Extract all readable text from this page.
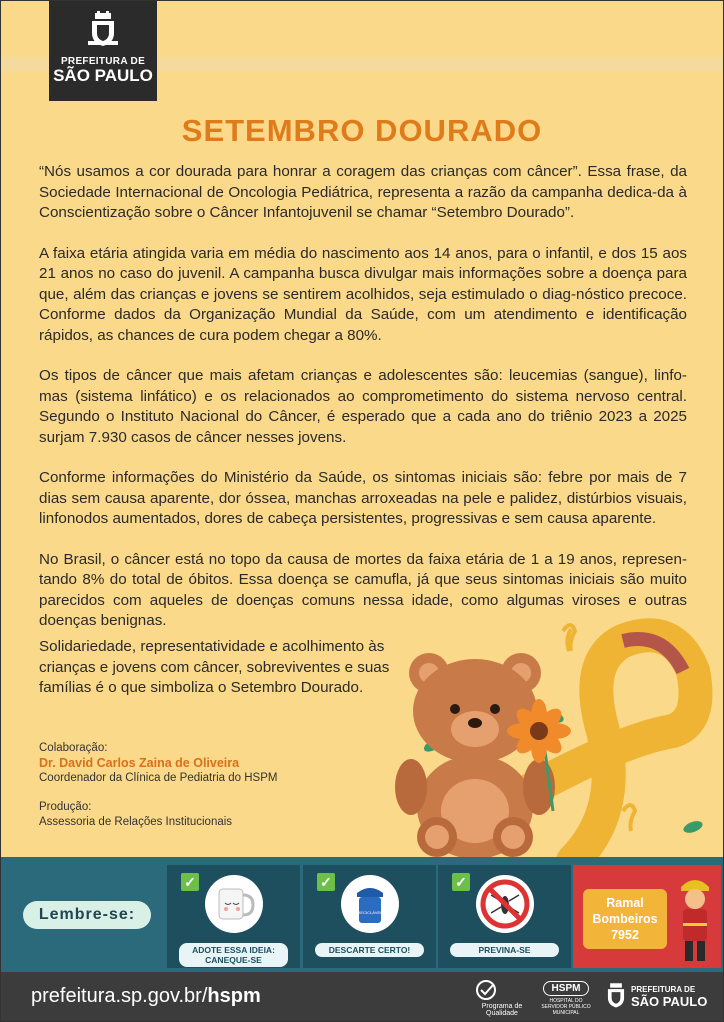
PREFEITURA DE
SÃO PAULO
SETEMBRO DOURADO

“Nós usamos a cor dourada para honrar a coragem das crianças com câncer”. Essa frase, da Sociedade Internacional de Oncologia Pediátrica, representa a razão da campanha dedica-da à Conscientização sobre o Câncer Infantojuvenil se chamar “Setembro Dourado”.

A faixa etária atingida varia em média do nascimento aos 14 anos, para o infantil, e dos 15 aos 21 anos no caso do juvenil. A campanha busca divulgar mais informações sobre a doença para que, além das crianças e jovens se sentirem acolhidos, seja estimulado o diag-nóstico precoce. Conforme dados da Organização Mundial da Saúde, com um atendimento e identificação rápidos, as chances de cura podem chegar a 80%.

Os tipos de câncer que mais afetam crianças e adolescentes são: leucemias (sangue), linfo-mas (sistema linfático) e os relacionados ao comprometimento do sistema nervoso central. Segundo o Instituto Nacional do Câncer, é esperado que a cada ano do triênio 2023 a 2025 surjam 7.930 casos de câncer nesses jovens.

Conforme informações do Ministério da Saúde, os sintomas iniciais são: febre por mais de 7 dias sem causa aparente, dor óssea, manchas arroxeadas na pele e palidez, distúrbios visuais, linfonodos aumentados, dores de cabeça persistentes, progressivas e sem causa aparente.

No Brasil, o câncer está no topo da causa de mortes da faixa etária de 1 a 19 anos, represen-tando 8% do total de óbitos. Essa doença se camufla, já que seus sintomas iniciais são muito parecidos com aqueles de doenças comuns nessa idade, como algumas viroses e outras doenças benignas.

Solidariedade, representatividade e acolhimento às crianças e jovens com câncer, sobreviventes e suas famílias é o que simboliza o Setembro Dourado.
Colaboração:
Dr. David Carlos Zaina de Oliveira
Coordenador da Clínica de Pediatria do HSPM
Produção:
Assessoria de Relações Institucionais
Lembre-se:
✓
ADOTE ESSA IDEIA: CANEQUE-SE
✓
RECICLÁVEL
DESCARTE CERTO!
✓
PREVINA-SE
Ramal
Bombeiros
7952
prefeitura.sp.gov.br/hspm	Programa de Qualidade
HSPM
HOSPITAL DO SERVIDOR PÚBLICO MUNICIPAL
PREFEITURA DE
SÃO PAULO
